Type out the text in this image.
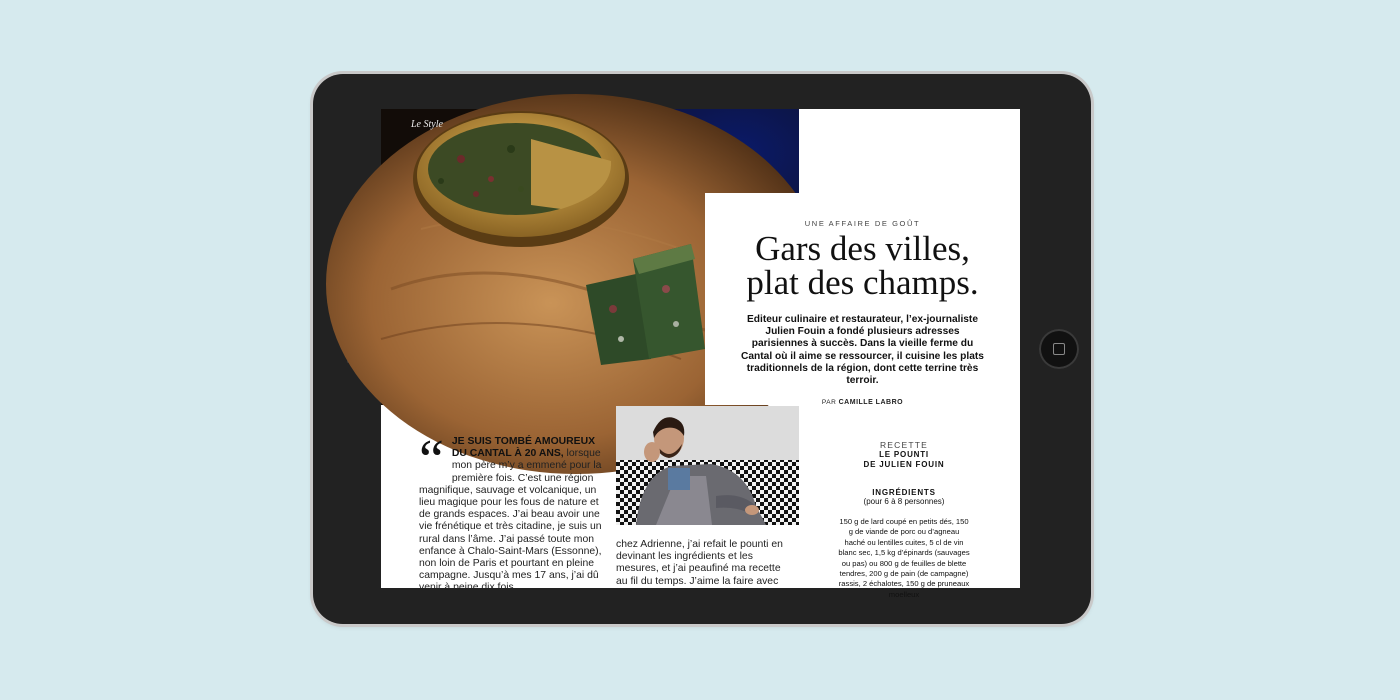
Le Style
UNE AFFAIRE DE GOÛT
Gars des villes,
plat des champs.
Editeur culinaire et restaurateur, l’ex-journaliste Julien Fouin a fondé plusieurs adresses parisiennes à succès. Dans la vieille ferme du Cantal où il aime se ressourcer, il cuisine les plats traditionnels de la région, dont cette terrine très terroir.
PAR CAMILLE LABRO
“ JE SUIS TOMBÉ AMOUREUX DU CANTAL À 20 ANS, lorsque mon père m’y a emmené pour la première fois. C’est une région magnifique, sauvage et volcanique, un lieu magique pour les fous de nature et de grands espaces. J’ai beau avoir une vie frénétique et très citadine, je suis un rural dans l’âme. J’ai passé toute mon enfance à Chalo-Saint-Mars (Essonne), non loin de Paris et pourtant en pleine campagne. Jusqu’à mes 17 ans, j’ai dû venir à peine dix fois
chez Adrienne, j’ai refait le pounti en devinant les ingrédients et les mesures, et j’ai peaufiné ma recette au fil du temps. J’aime la faire avec
RECETTE
LE POUNTI
DE JULIEN FOUIN
INGRÉDIENTS
(pour 6 à 8 personnes)
150 g de lard coupé en petits dés, 150 g de viande de porc ou d’agneau haché ou lentilles cuites, 5 cl de vin blanc sec, 1,5 kg d’épinards (sauvages ou pas) ou 800 g de feuilles de blette tendres, 200 g de pain (de campagne) rassis, 2 échalotes, 150 g de pruneaux moelleux
